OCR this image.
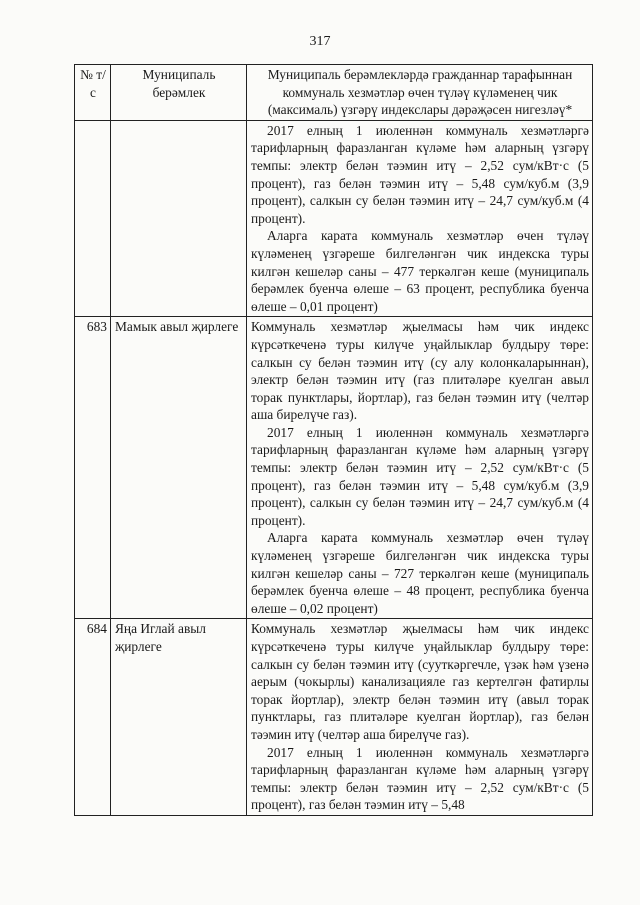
317
№ т/с	Муниципаль берәмлек	Муниципаль берәмлекләрдә гражданнар тарафыннан коммуналь хезмәтләр өчен түләү күләменең чик (максималь) үзгәрү индекслары дәрәҗәсен нигезләү*

		2017 елның 1 июленнән коммуналь хезмәтләргә тарифларның фаразланган күләме һәм аларның үзгәрү темпы: электр белән тәэмин итү – 2,52 сум/кВт·с (5 процент), газ белән тәэмин итү – 5,48 сум/куб.м (3,9 процент), салкын су белән тәэмин итү – 24,7 сум/куб.м (4 процент).

Аларга карата коммуналь хезмәтләр өчен түләү күләменең үзгәреше билгеләнгән чик индекска туры килгән кешеләр саны – 477 теркәлгән кеше (муниципаль берәмлек буенча өлеше – 63 процент, республика буенча өлеше – 0,01 процент)

683	Мамык авыл җирлеге	Коммуналь хезмәтләр җыелмасы һәм чик индекс күрсәткеченә туры килүче уңайлыклар булдыру төре: салкын су белән тәэмин итү (су алу колонкаларыннан), электр белән тәэмин итү (газ плитәләре куелган авыл торак пунктлары, йортлар), газ белән тәэмин итү (челтәр аша бирелүче газ).

2017 елның 1 июленнән коммуналь хезмәтләргә тарифларның фаразланган күләме һәм аларның үзгәрү темпы: электр белән тәэмин итү – 2,52 сум/кВт·с (5 процент), газ белән тәэмин итү – 5,48 сум/куб.м (3,9 процент), салкын су белән тәэмин итү – 24,7 сум/куб.м (4 процент).

Аларга карата коммуналь хезмәтләр өчен түләү күләменең үзгәреше билгеләнгән чик индекска туры килгән кешеләр саны – 727 теркәлгән кеше (муниципаль берәмлек буенча өлеше – 48 процент, республика буенча өлеше – 0,02 процент)

684	Яңа Иглай авыл җирлеге	Коммуналь хезмәтләр җыелмасы һәм чик индекс күрсәткеченә туры килүче уңайлыклар булдыру төре: салкын су белән тәэмин итү (сууткәргечле, үзәк һәм үзенә аерым (чокырлы) канализацияле газ кертелгән фатирлы торак йортлар), электр белән тәэмин итү (авыл торак пунктлары, газ плитәләре куелган йортлар), газ белән тәэмин итү (челтәр аша бирелүче газ).

2017 елның 1 июленнән коммуналь хезмәтләргә тарифларның фаразланган күләме һәм аларның үзгәрү темпы: электр белән тәэмин итү – 2,52 сум/кВт·с (5 процент), газ белән тәэмин итү – 5,48
